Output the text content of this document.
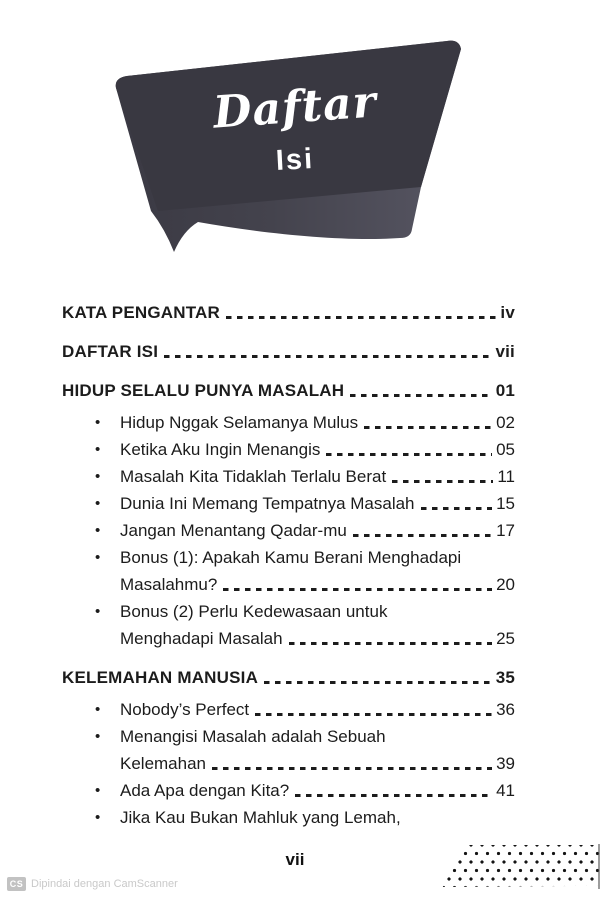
Daftar
Isi
KATA PENGANTAR	iv
DAFTAR ISI	vii
HIDUP SELALU PUNYA MASALAH	01
•	Hidup Nggak Selamanya Mulus	02
•	Ketika Aku Ingin Menangis	05
•	Masalah Kita Tidaklah Terlalu Berat	11
•	Dunia Ini Memang Tempatnya Masalah	15
•	Jangan Menantang Qadar-mu	17
•	Bonus (1): Apakah Kamu Berani Menghadapi
Masalahmu?	20
•	Bonus (2) Perlu Kedewasaan untuk
Menghadapi Masalah	25
KELEMAHAN MANUSIA	35
•	Nobody’s Perfect	36
•	Menangisi Masalah adalah Sebuah
Kelemahan	39
•	Ada Apa dengan Kita?	41
•	Jika Kau Bukan Mahluk yang Lemah,
vii
CS Dipindai dengan CamScanner
